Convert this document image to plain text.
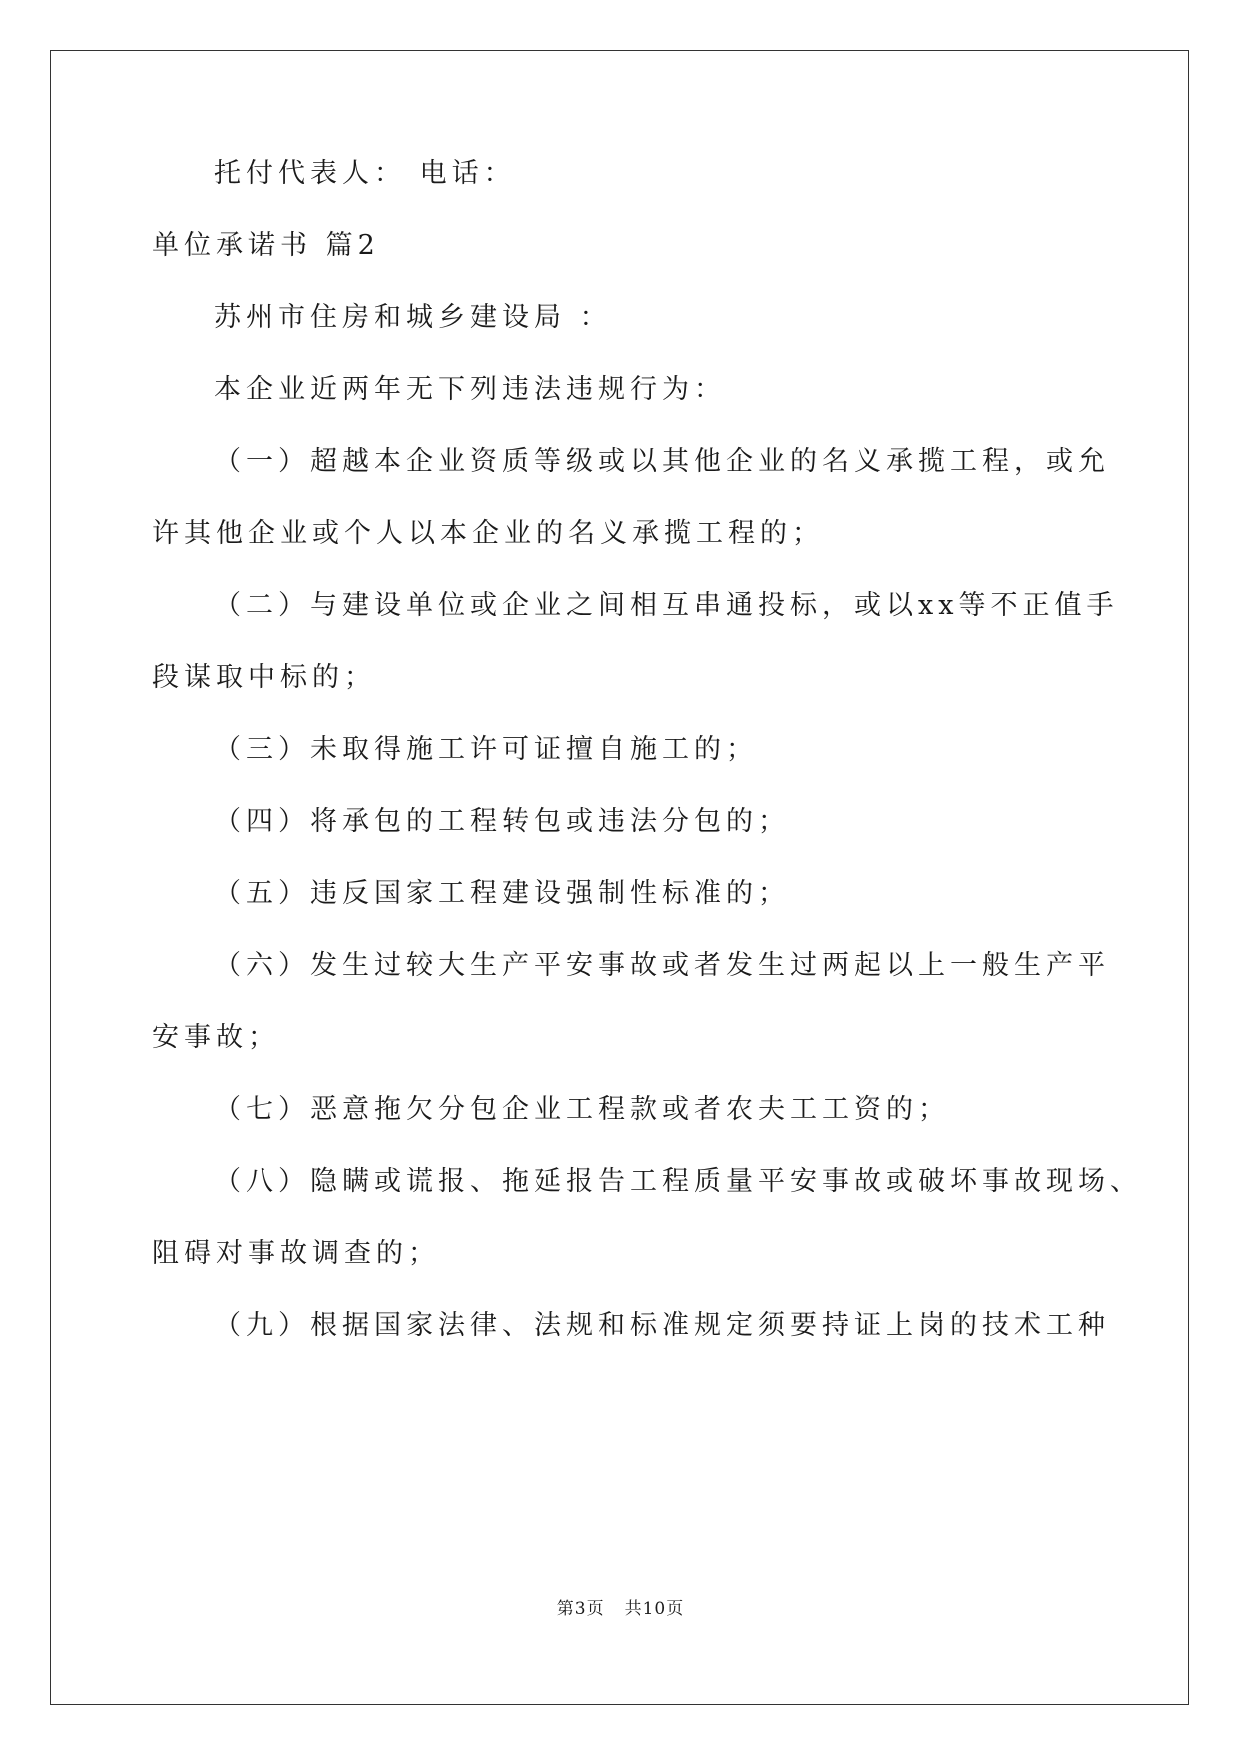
托付代表人： 电话：
单位承诺书 篇2
苏州市住房和城乡建设局 ：
本企业近两年无下列违法违规行为：
（一）超越本企业资质等级或以其他企业的名义承揽工程，或允
许其他企业或个人以本企业的名义承揽工程的；
（二）与建设单位或企业之间相互串通投标，或以xx等不正值手
段谋取中标的；
（三）未取得施工许可证擅自施工的；
（四）将承包的工程转包或违法分包的；
（五）违反国家工程建设强制性标准的；
（六）发生过较大生产平安事故或者发生过两起以上一般生产平
安事故；
（七）恶意拖欠分包企业工程款或者农夫工工资的；
（八）隐瞒或谎报、拖延报告工程质量平安事故或破坏事故现场、
阻碍对事故调查的；
（九）根据国家法律、法规和标准规定须要持证上岗的技术工种
第3页 共10页
